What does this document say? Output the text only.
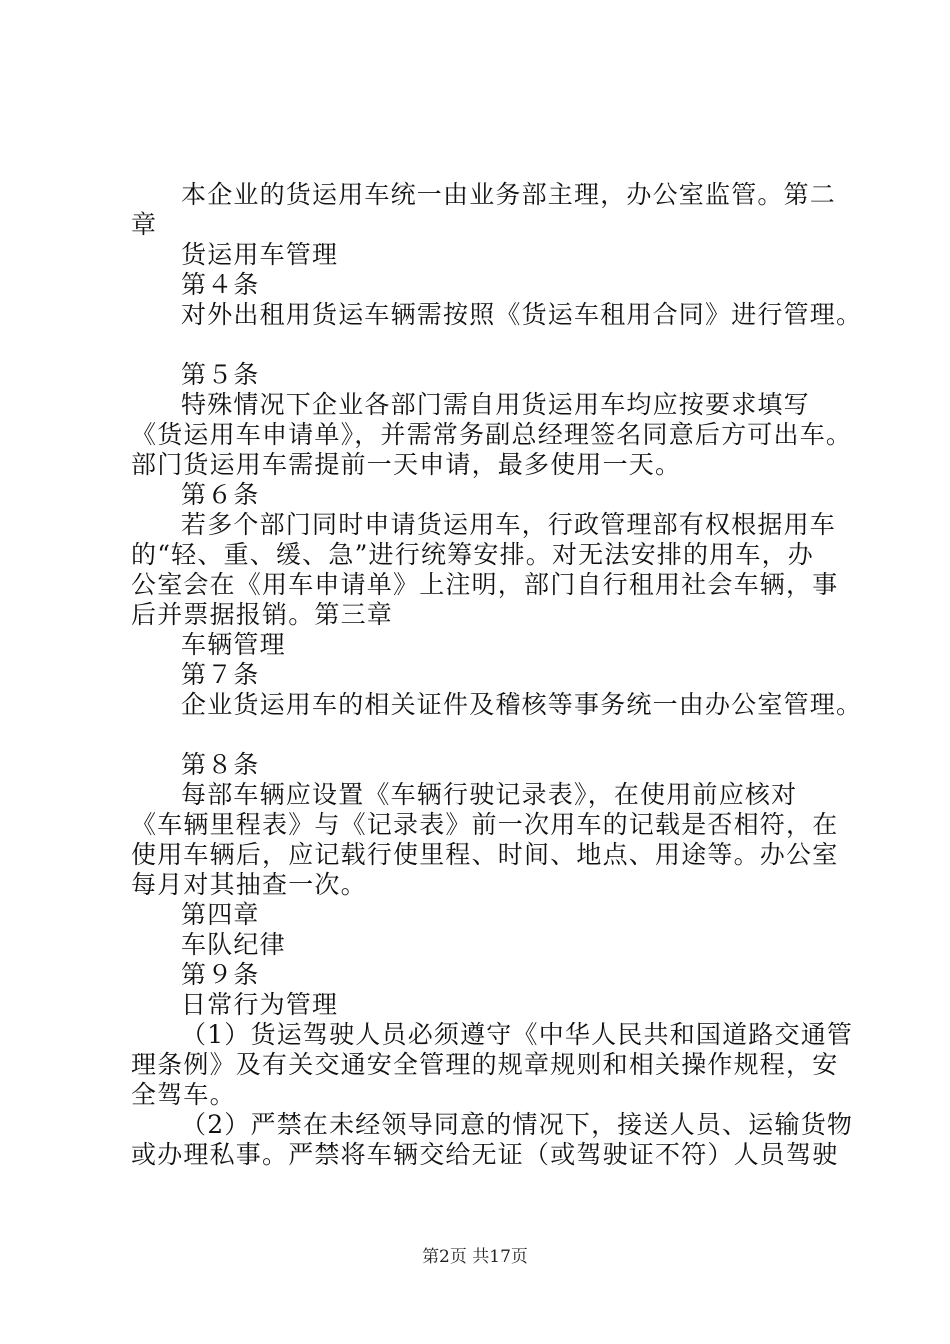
本企业的货运用车统一由业务部主理，办公室监管。第二
章
货运用车管理
第４条
对外出租用货运车辆需按照《货运车租用合同》进行管理。
第５条
特殊情况下企业各部门需自用货运用车均应按要求填写
《货运用车申请单》，并需常务副总经理签名同意后方可出车。
部门货运用车需提前一天申请，最多使用一天。
第６条
若多个部门同时申请货运用车，行政管理部有权根据用车
的“轻、重、缓、急”进行统筹安排。对无法安排的用车，办
公室会在《用车申请单》上注明，部门自行租用社会车辆，事
后并票据报销。第三章
车辆管理
第７条
企业货运用车的相关证件及稽核等事务统一由办公室管理。
第８条
每部车辆应设置《车辆行驶记录表》，在使用前应核对
《车辆里程表》与《记录表》前一次用车的记载是否相符，在
使用车辆后，应记载行使里程、时间、地点、用途等。办公室
每月对其抽查一次。
第四章
车队纪律
第９条
日常行为管理
（1）货运驾驶人员必须遵守《中华人民共和国道路交通管
理条例》及有关交通安全管理的规章规则和相关操作规程，安
全驾车。
（2）严禁在未经领导同意的情况下，接送人员、运输货物
或办理私事。严禁将车辆交给无证（或驾驶证不符）人员驾驶
第2页 共17页
